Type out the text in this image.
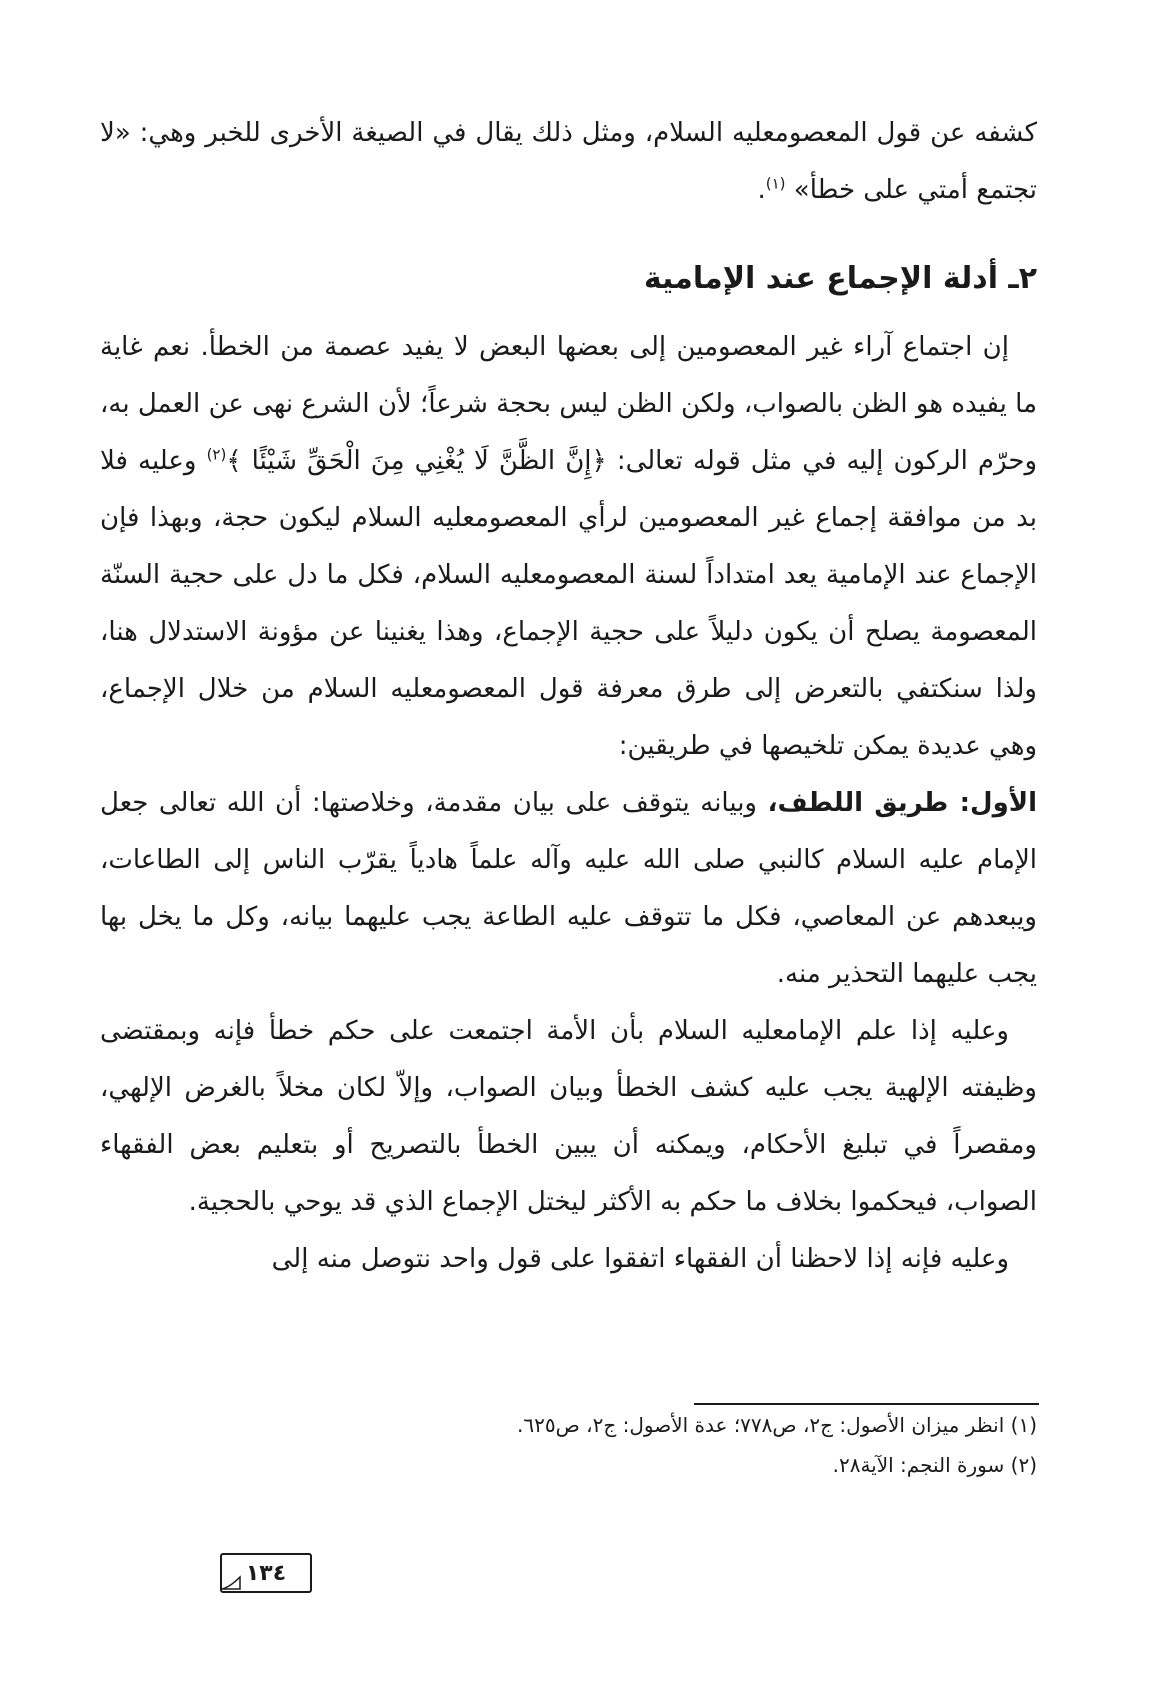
كشفه عن قول المعصومعليه السلام، ومثل ذلك يقال في الصيغة الأخرى للخبر وهي: «لا تجتمع أمتي على خطأ» $^{(١)}$.

٢ـ أدلة الإجماع عند الإمامية

إن اجتماع آراء غير المعصومين إلى بعضها البعض لا يفيد عصمة من الخطأ. نعم غاية ما يفيده هو الظن بالصواب، ولكن الظن ليس بحجة شرعاً؛ لأن الشرع نهى عن العمل به، وحرّم الركون إليه في مثل قوله تعالى: ﴿إِنَّ الظَّنَّ لَا يُغْنِي مِنَ الْحَقِّ شَيْئًا ﴾$^{(٢)}$ وعليه فلا بد من موافقة إجماع غير المعصومين لرأي المعصومعليه السلام ليكون حجة، وبهذا فإن الإجماع عند الإمامية يعد امتداداً لسنة المعصومعليه السلام، فكل ما دل على حجية السنّة المعصومة يصلح أن يكون دليلاً على حجية الإجماع، وهذا يغنينا عن مؤونة الاستدلال هنا، ولذا سنكتفي بالتعرض إلى طرق معرفة قول المعصومعليه السلام من خلال الإجماع، وهي عديدة يمكن تلخيصها في طريقين:

الأول: طريق اللطف، وبيانه يتوقف على بيان مقدمة، وخلاصتها: أن الله تعالى جعل الإمام عليه السلام كالنبي صلى الله عليه وآله علماً هادياً يقرّب الناس إلى الطاعات، ويبعدهم عن المعاصي، فكل ما تتوقف عليه الطاعة يجب عليهما بيانه، وكل ما يخل بها يجب عليهما التحذير منه.

وعليه إذا علم الإمامعليه السلام بأن الأمة اجتمعت على حكم خطأ فإنه وبمقتضى وظيفته الإلهية يجب عليه كشف الخطأ وبيان الصواب، وإلاّ لكان مخلاً بالغرض الإلهي، ومقصراً في تبليغ الأحكام، ويمكنه أن يبين الخطأ بالتصريح أو بتعليم بعض الفقهاء الصواب، فيحكموا بخلاف ما حكم به الأكثر ليختل الإجماع الذي قد يوحي بالحجية.

وعليه فإنه إذا لاحظنا أن الفقهاء اتفقوا على قول واحد نتوصل منه إلى

(١) انظر ميزان الأصول: ج٢، ص٧٧٨؛ عدة الأصول: ج٢، ص٦٢٥.

(٢) سورة النجم: الآية٢٨.

١٣٤
